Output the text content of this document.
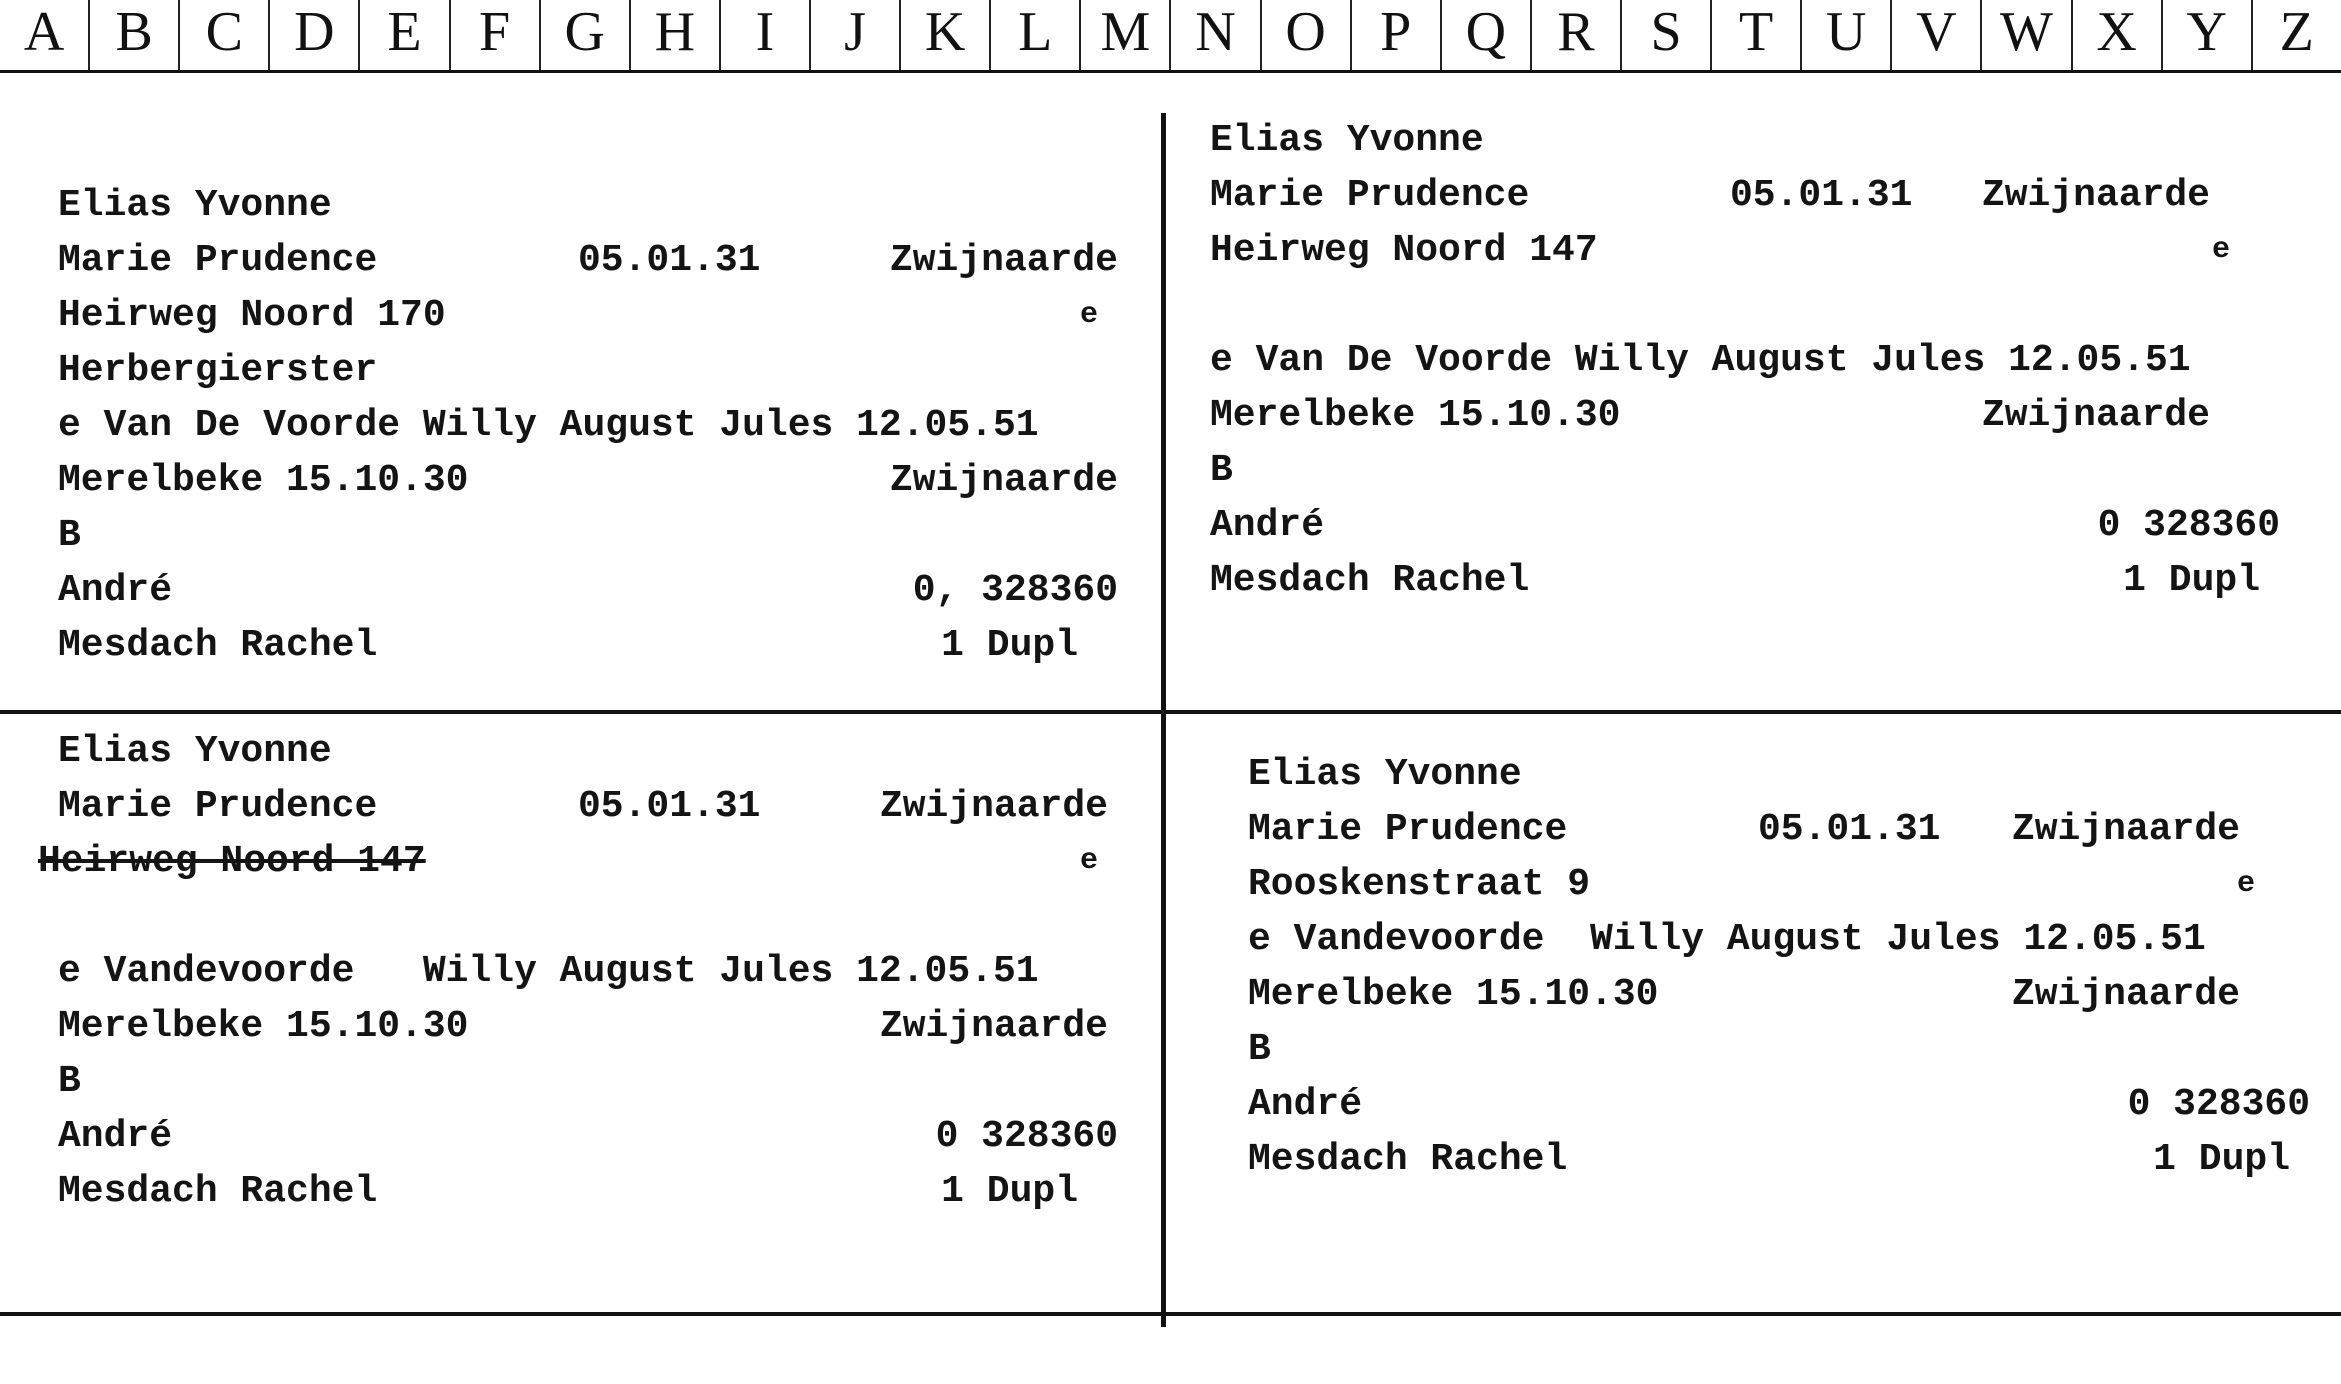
A B C D E	F G H	I	J	K L M N O P Q R S	T U V W X Y Z
Elias Yvonne

Marie Prudence

	05.01.31

	Zwijnaarde

Heirweg Noord 170

	e

Herbergierster
e Van De Voorde Willy August Jules 12.05.51

Merelbeke 15.10.30

	Zwijnaarde

B

André

	0, 328360

Mesdach Rachel

	1 Dupl

Elias Yvonne

Marie Prudence

	05.01.31

Zwijnaarde

Heirweg Noord 147

	e

e Van De Voorde Willy August Jules 12.05.51

Merelbeke 15.10.30

	Zwijnaarde

B

André

	0 328360

Mesdach Rachel

	1 Dupl

Elias Yvonne

Marie Prudence

	05.01.31

	Zwijnaarde

Heirweg Noord 147

	e

e Vandevoorde   Willy August Jules 12.05.51

Merelbeke 15.10.30

	Zwijnaarde

B

André

	0 328360

Mesdach Rachel

	1 Dupl

Elias Yvonne

Marie Prudence

	05.01.31

Zwijnaarde

Rooskenstraat 9

	e

e Vandevoorde  Willy August Jules 12.05.51

Merelbeke 15.10.30

	Zwijnaarde

B

André

	0 328360

Mesdach Rachel

	1 Dupl
